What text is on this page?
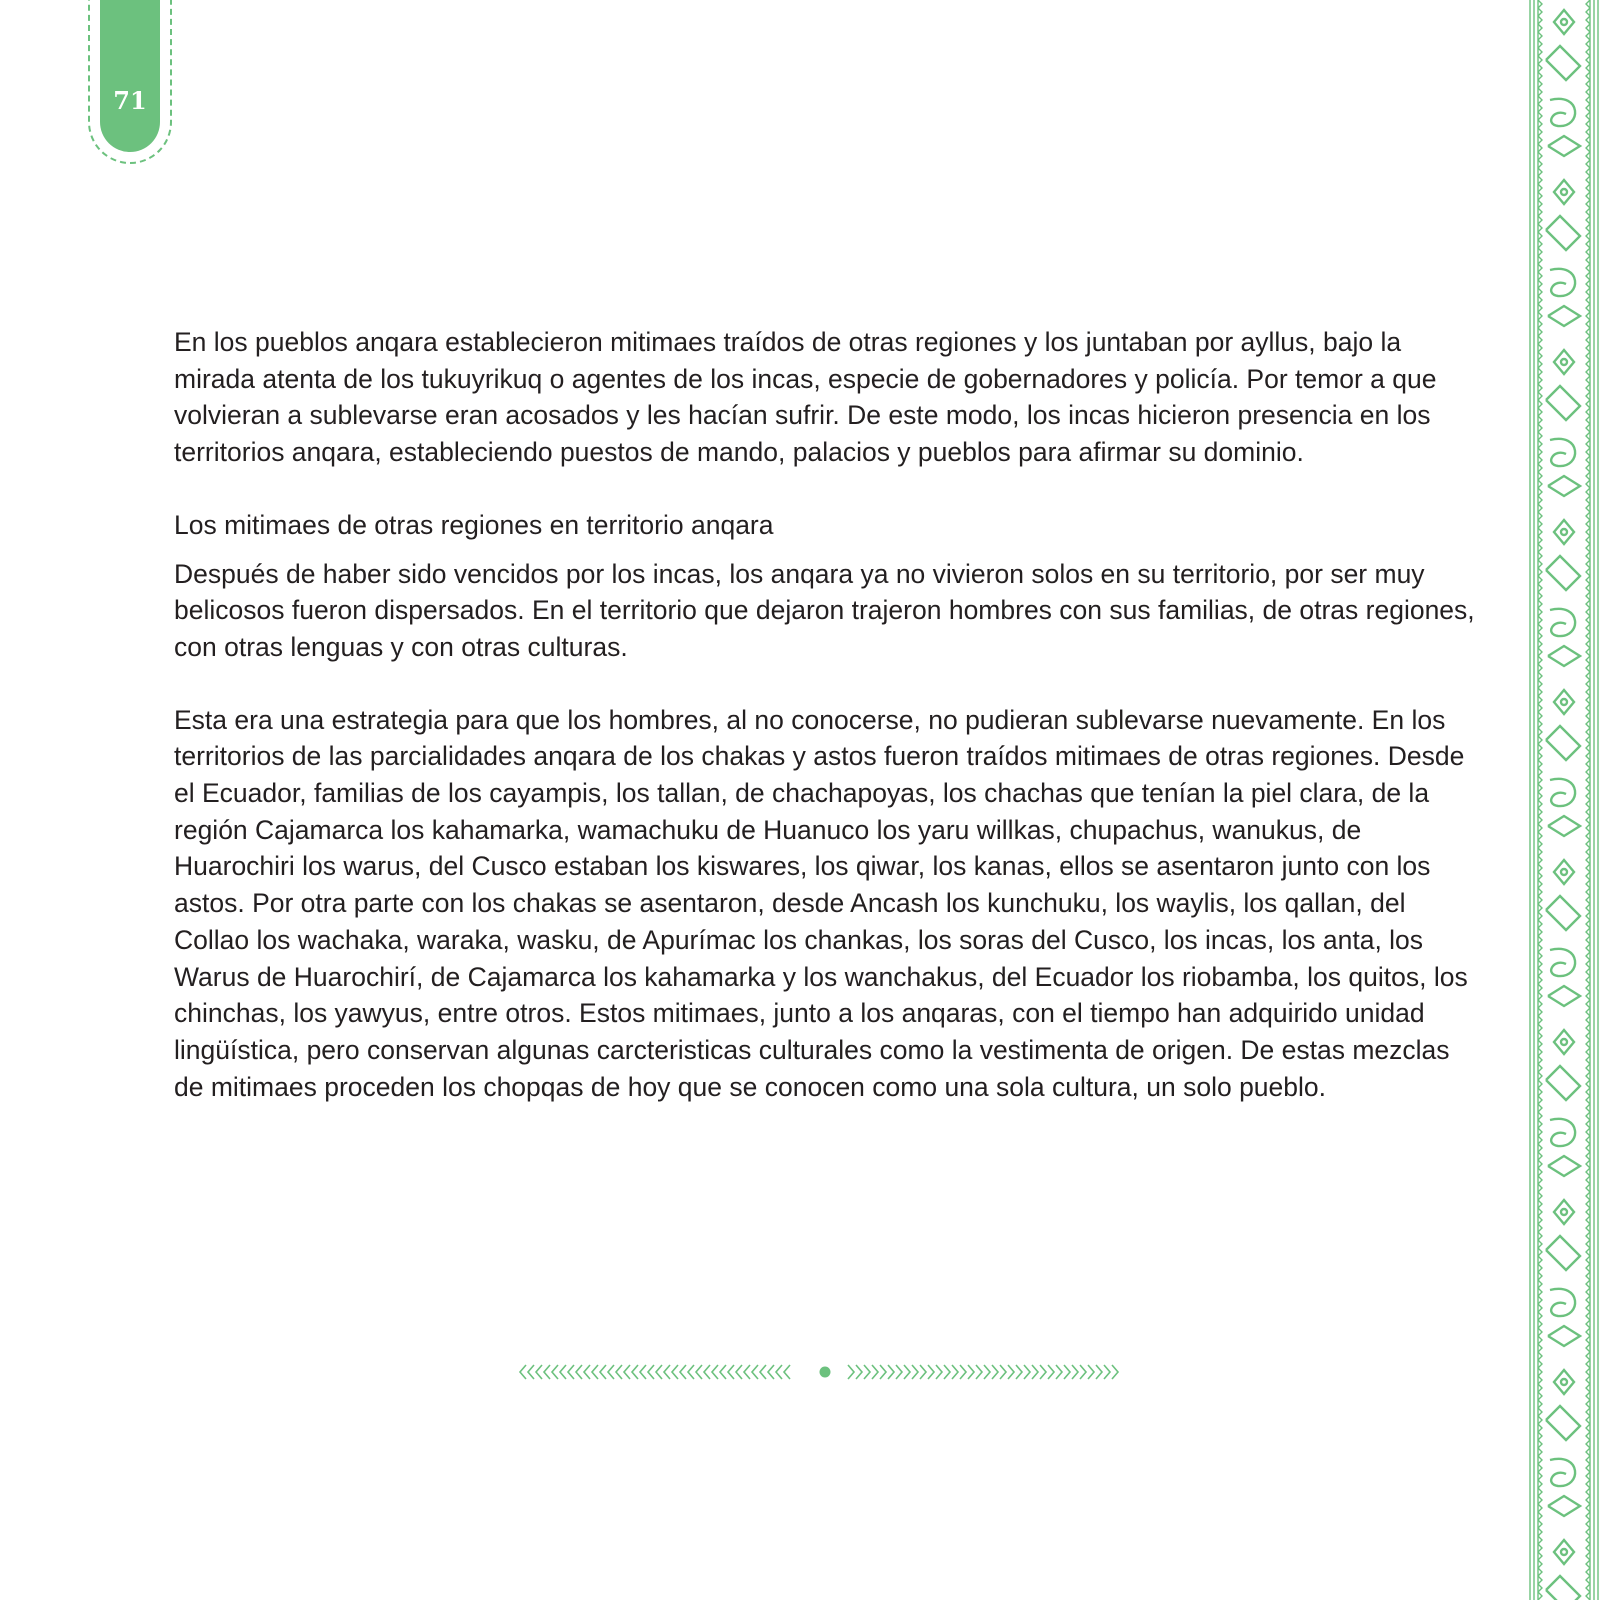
71

En los pueblos anqara establecieron mitimaes traídos de otras regiones y los juntaban por ayllus, bajo la mirada atenta de los tukuyrikuq o agentes de los incas, especie de gobernadores y policía. Por temor a que volvieran a sublevarse eran acosados y les hacían sufrir. De este modo, los incas hicieron presencia en los territorios anqara, estableciendo puestos de mando, palacios y pueblos para afirmar su dominio.

Los mitimaes de otras regiones en territorio anqara

Después de haber sido vencidos por los incas, los anqara ya no vivieron solos en su territorio, por ser muy belicosos fueron dispersados. En el territorio que dejaron trajeron hombres con sus familias, de otras regiones, con otras lenguas y con otras culturas.

Esta era una estrategia para que los hombres, al no conocerse, no pudieran sublevarse nuevamente. En los territorios de las parcialidades anqara de los chakas y astos fueron traídos mitimaes de otras regiones. Desde el Ecuador, familias de los cayampis, los tallan, de chachapoyas, los chachas que tenían la piel clara, de la región Cajamarca los kahamarka, wamachuku de Huanuco los yaru willkas, chupachus, wanukus, de Huarochiri los warus, del Cusco estaban los kiswares, los qiwar, los kanas, ellos se asentaron junto con los astos. Por otra parte con los chakas se asentaron, desde Ancash los kunchuku, los waylis, los qallan, del Collao los wachaka, waraka, wasku, de Apurímac los chankas, los soras del Cusco, los incas, los anta, los Warus de Huarochirí, de Cajamarca los kahamarka y los wanchakus, del Ecuador los riobamba, los quitos, los chinchas, los yawyus, entre otros. Estos mitimaes, junto a los anqaras, con el tiempo han adquirido unidad lingüística, pero conservan algunas carcteristicas culturales como la vestimenta de origen. De estas mezclas de mitimaes proceden los chopqas de hoy que se conocen como una sola cultura, un solo pueblo.
